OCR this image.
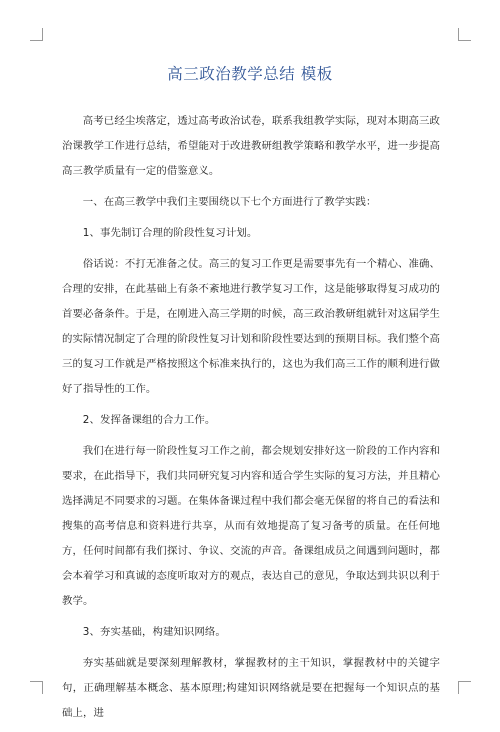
高三政治教学总结 模板

高考已经尘埃落定，透过高考政治试卷，联系我组教学实际，现对本期高三政治课教学工作进行总结，希望能对于改进教研组教学策略和教学水平，进一步提高高三教学质量有一定的借鉴意义。

一、在高三教学中我们主要围绕以下七个方面进行了教学实践：

1、事先制订合理的阶段性复习计划。

俗话说：不打无准备之仗。高三的复习工作更是需要事先有一个精心、准确、合理的安排，在此基础上有条不紊地进行教学复习工作，这是能够取得复习成功的首要必备条件。于是，在刚进入高三学期的时候，高三政治教研组就针对这届学生的实际情况制定了合理的阶段性复习计划和阶段性要达到的预期目标。我们整个高三的复习工作就是严格按照这个标准来执行的，这也为我们高三工作的顺利进行做好了指导性的工作。

2、发挥备课组的合力工作。

我们在进行每一阶段性复习工作之前，都会规划安排好这一阶段的工作内容和要求，在此指导下，我们共同研究复习内容和适合学生实际的复习方法，并且精心选择满足不同要求的习题。在集体备课过程中我们都会毫无保留的将自己的看法和搜集的高考信息和资料进行共享，从而有效地提高了复习备考的质量。在任何地方，任何时间都有我们探讨、争议、交流的声音。备课组成员之间遇到问题时，都会本着学习和真诚的态度听取对方的观点，表达自己的意见，争取达到共识以利于教学。

3、夯实基础，构建知识网络。

夯实基础就是要深刻理解教材，掌握教材的主干知识，掌握教材中的关键字句，正确理解基本概念、基本原理;构建知识网络就是要在把握每一个知识点的基础上，进
